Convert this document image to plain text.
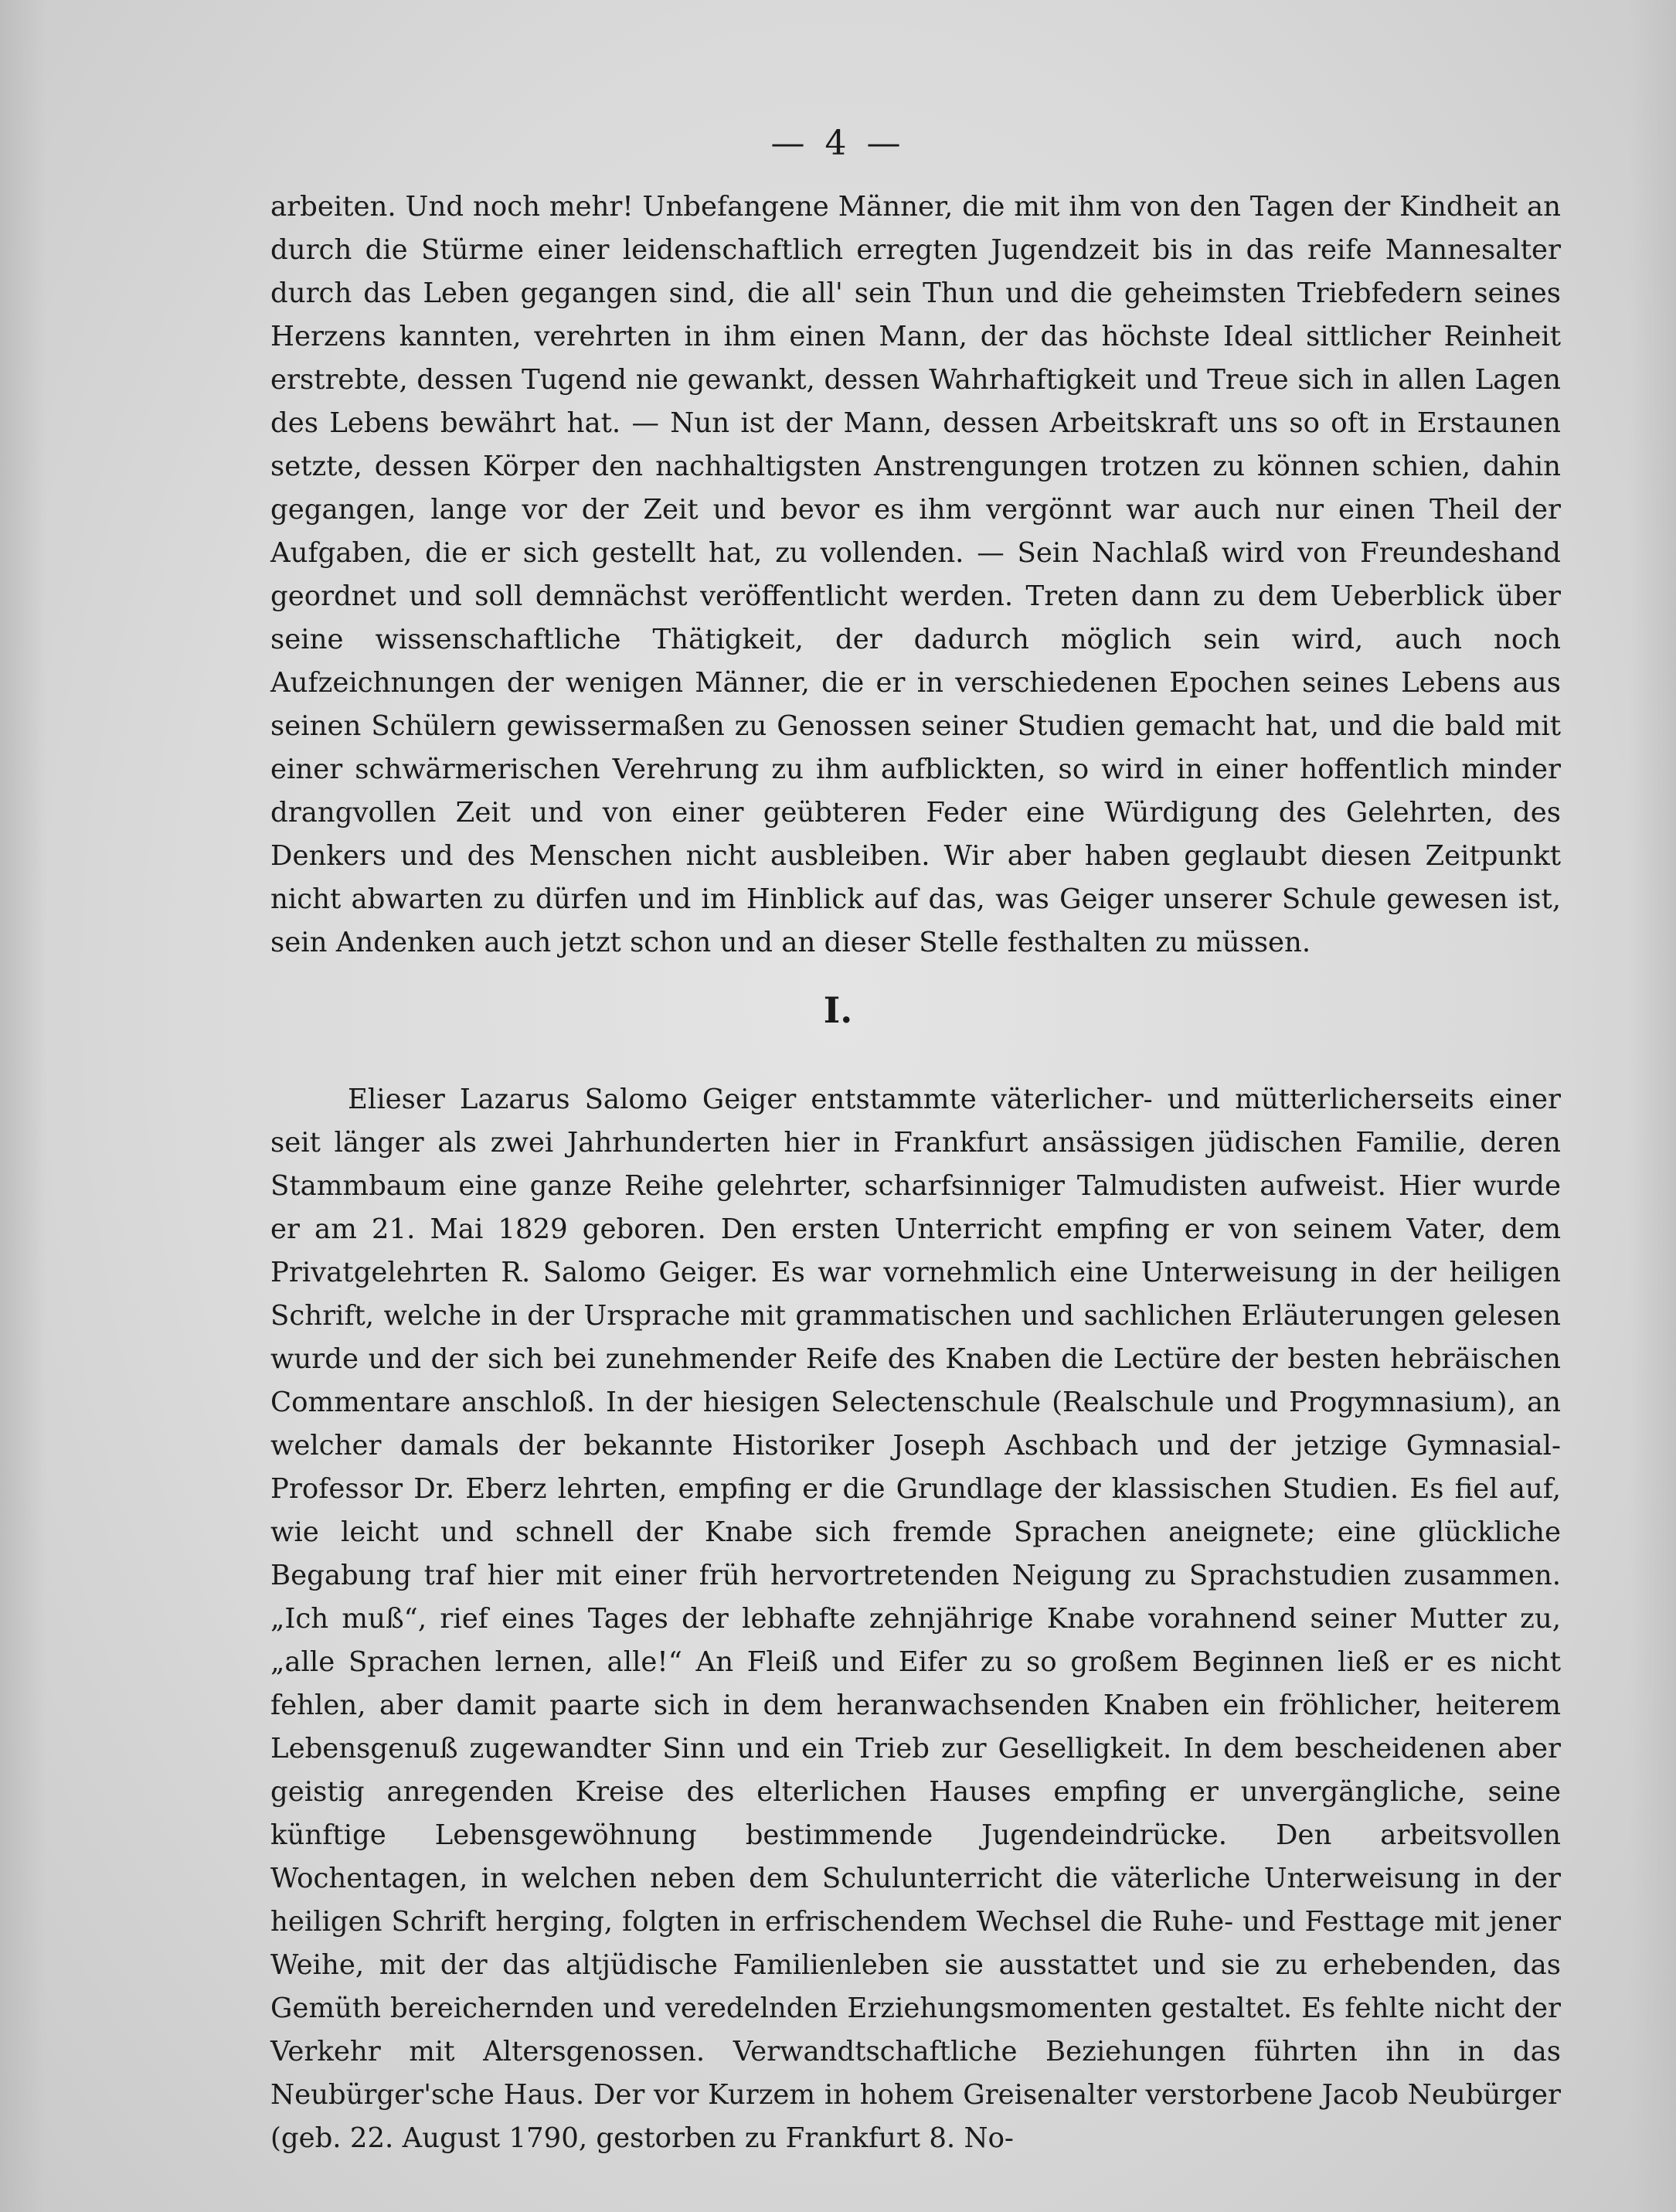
— 4 —

arbeiten. Und noch mehr! Unbefangene Männer, die mit ihm von den Tagen der Kindheit an durch die Stürme einer leidenschaftlich erregten Jugendzeit bis in das reife Mannesalter durch das Leben gegangen sind, die all' sein Thun und die geheimsten Triebfedern seines Herzens kannten, verehrten in ihm einen Mann, der das höchste Ideal sittlicher Reinheit erstrebte, dessen Tugend nie gewankt, dessen Wahrhaftigkeit und Treue sich in allen Lagen des Lebens bewährt hat. — Nun ist der Mann, dessen Arbeitskraft uns so oft in Erstaunen setzte, dessen Körper den nachhaltigsten Anstrengungen trotzen zu können schien, dahin gegangen, lange vor der Zeit und bevor es ihm vergönnt war auch nur einen Theil der Aufgaben, die er sich gestellt hat, zu vollenden. — Sein Nachlaß wird von Freundeshand geordnet und soll demnächst veröffentlicht werden. Treten dann zu dem Ueberblick über seine wissenschaftliche Thätigkeit, der dadurch möglich sein wird, auch noch Aufzeichnungen der wenigen Männer, die er in verschiedenen Epochen seines Lebens aus seinen Schülern gewissermaßen zu Genossen seiner Studien gemacht hat, und die bald mit einer schwärmerischen Verehrung zu ihm aufblickten, so wird in einer hoffentlich minder drangvollen Zeit und von einer geübteren Feder eine Würdigung des Gelehrten, des Denkers und des Menschen nicht ausbleiben. Wir aber haben geglaubt diesen Zeitpunkt nicht abwarten zu dürfen und im Hinblick auf das, was Geiger unserer Schule gewesen ist, sein Andenken auch jetzt schon und an dieser Stelle festhalten zu müssen.

I.

Elieser Lazarus Salomo Geiger entstammte väterlicher- und mütterlicherseits einer seit länger als zwei Jahrhunderten hier in Frankfurt ansässigen jüdischen Familie, deren Stammbaum eine ganze Reihe gelehrter, scharfsinniger Talmudisten aufweist. Hier wurde er am 21. Mai 1829 geboren. Den ersten Unterricht empfing er von seinem Vater, dem Privatgelehrten R. Salomo Geiger. Es war vornehmlich eine Unterweisung in der heiligen Schrift, welche in der Ursprache mit grammatischen und sachlichen Erläuterungen gelesen wurde und der sich bei zunehmender Reife des Knaben die Lectüre der besten hebräischen Commentare anschloß. In der hiesigen Selectenschule (Realschule und Progymnasium), an welcher damals der bekannte Historiker Joseph Aschbach und der jetzige Gymnasial-Professor Dr. Eberz lehrten, empfing er die Grundlage der klassischen Studien. Es fiel auf, wie leicht und schnell der Knabe sich fremde Sprachen aneignete; eine glückliche Begabung traf hier mit einer früh hervortretenden Neigung zu Sprachstudien zusammen. „Ich muß“, rief eines Tages der lebhafte zehnjährige Knabe vorahnend seiner Mutter zu, „alle Sprachen lernen, alle!“ An Fleiß und Eifer zu so großem Beginnen ließ er es nicht fehlen, aber damit paarte sich in dem heranwachsenden Knaben ein fröhlicher, heiterem Lebensgenuß zugewandter Sinn und ein Trieb zur Geselligkeit. In dem bescheidenen aber geistig anregenden Kreise des elterlichen Hauses empfing er unvergängliche, seine künftige Lebensgewöhnung bestimmende Jugendeindrücke. Den arbeitsvollen Wochentagen, in welchen neben dem Schulunterricht die väterliche Unterweisung in der heiligen Schrift herging, folgten in erfrischendem Wechsel die Ruhe- und Festtage mit jener Weihe, mit der das altjüdische Familienleben sie ausstattet und sie zu erhebenden, das Gemüth bereichernden und veredelnden Erziehungsmomenten gestaltet. Es fehlte nicht der Verkehr mit Altersgenossen. Verwandtschaftliche Beziehungen führten ihn in das Neubürger'sche Haus. Der vor Kurzem in hohem Greisenalter verstorbene Jacob Neubürger (geb. 22. August 1790, gestorben zu Frankfurt 8. No-
